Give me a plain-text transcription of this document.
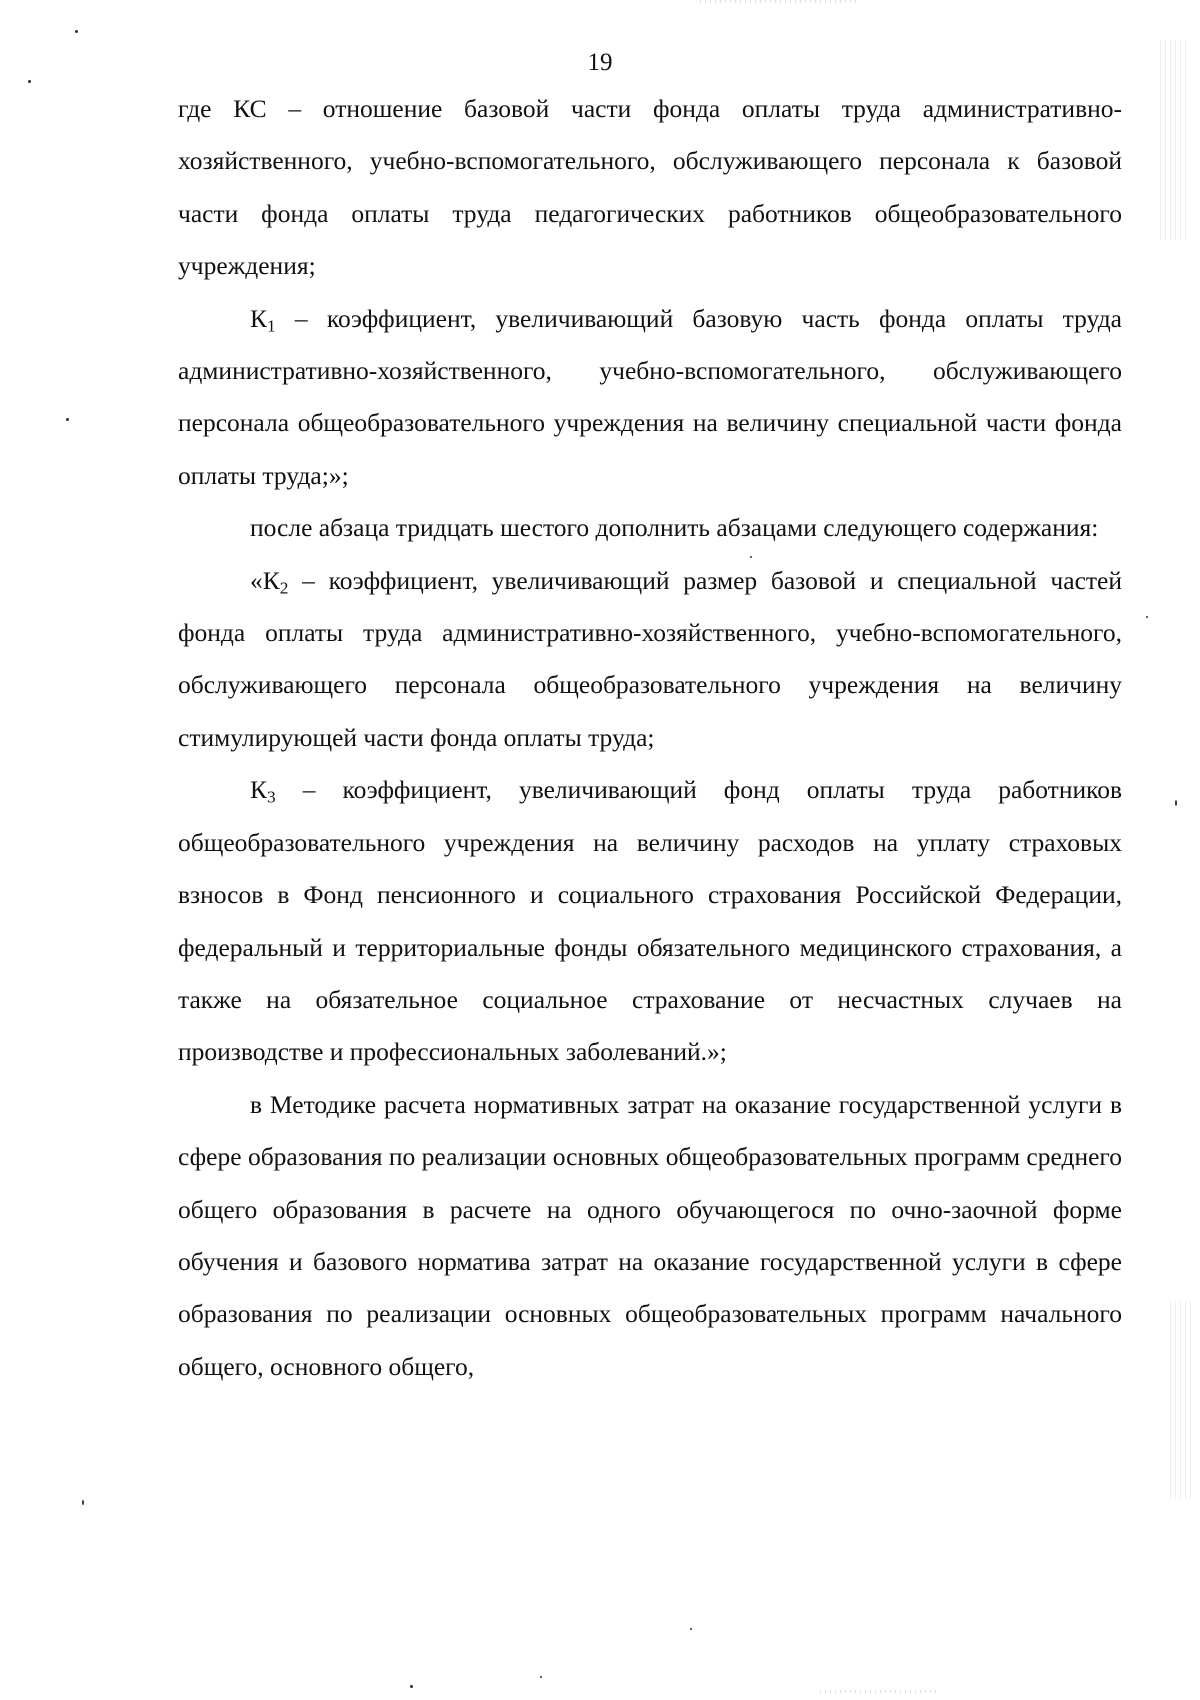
19

где КС – отношение базовой части фонда оплаты труда административно-хозяйственного, учебно-вспомогательного, обслуживающего персонала к базовой части фонда оплаты труда педагогических работников общеобразовательного учреждения;

$К_1$ – коэффициент, увеличивающий базовую часть фонда оплаты труда административно-хозяйственного, учебно-вспомогательного, обслуживающего персонала общеобразовательного учреждения на величину специальной части фонда оплаты труда;»;

после абзаца тридцать шестого дополнить абзацами следующего содержания:

«$К_2$ – коэффициент, увеличивающий размер базовой и специальной частей фонда оплаты труда административно-хозяйственного, учебно-вспомогательного, обслуживающего персонала общеобразовательного учреждения на величину стимулирующей части фонда оплаты труда;

$К_3$ – коэффициент, увеличивающий фонд оплаты труда работников общеобразовательного учреждения на величину расходов на уплату страховых взносов в Фонд пенсионного и социального страхования Российской Федерации, федеральный и территориальные фонды обязательного медицинского страхования, а также на обязательное социальное страхование от несчастных случаев на производстве и профессиональных заболеваний.»;

в Методике расчета нормативных затрат на оказание государственной услуги в сфере образования по реализации основных общеобразовательных программ среднего общего образования в расчете на одного обучающегося по очно-заочной форме обучения и базового норматива затрат на оказание государственной услуги в сфере образования по реализации основных общеобразовательных программ начального общего, основного общего,
